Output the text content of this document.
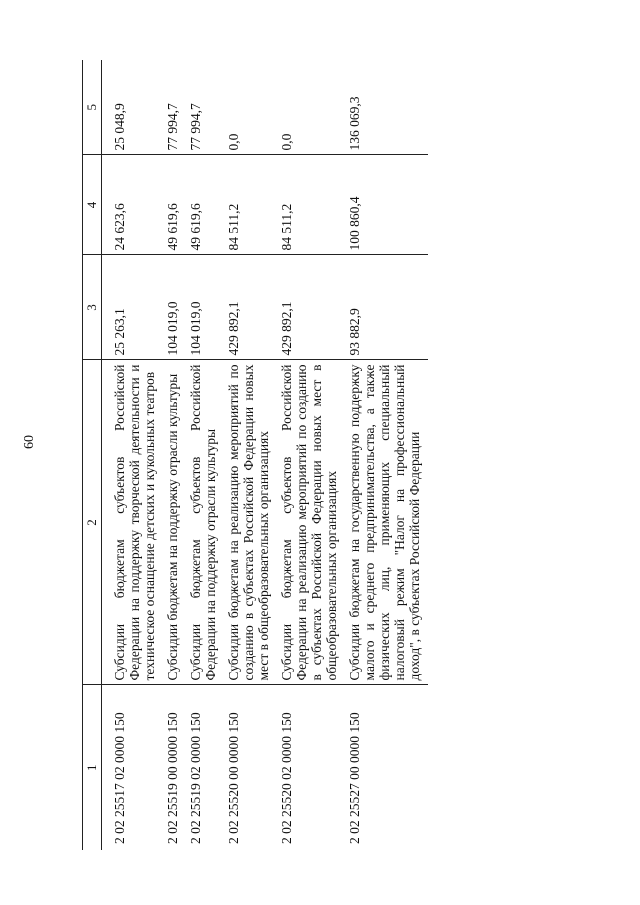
60
1	2	3	4	5
2 02 25517 02 0000 150	Субсидии бюджетам субъектов Российской Федерации на поддержку творческой деятельности и техническое оснащение детских и кукольных театров	25 263,1	24 623,6	25 048,9
2 02 25519 00 0000 150	Субсидии бюджетам на поддержку отрасли культуры	104 019,0	49 619,6	77 994,7
2 02 25519 02 0000 150	Субсидии бюджетам субъектов Российской Федерации на поддержку отрасли культуры	104 019,0	49 619,6	77 994,7
2 02 25520 00 0000 150	Субсидии бюджетам на реализацию мероприятий по созданию в субъектах Российской Федерации новых мест в общеобразовательных организациях	429 892,1	84 511,2	0,0
2 02 25520 02 0000 150	Субсидии бюджетам субъектов Российской Федерации на реализацию мероприятий по созданию в субъектах Российской Федерации новых мест в общеобразовательных организациях	429 892,1	84 511,2	0,0
2 02 25527 00 0000 150	Субсидии бюджетам на государственную поддержку малого и среднего предпринимательства, а также физических лиц, применяющих специальный налоговый режим "Налог на профессиональный доход", в субъектах Российской Федерации	93 882,9	100 860,4	136 069,3
